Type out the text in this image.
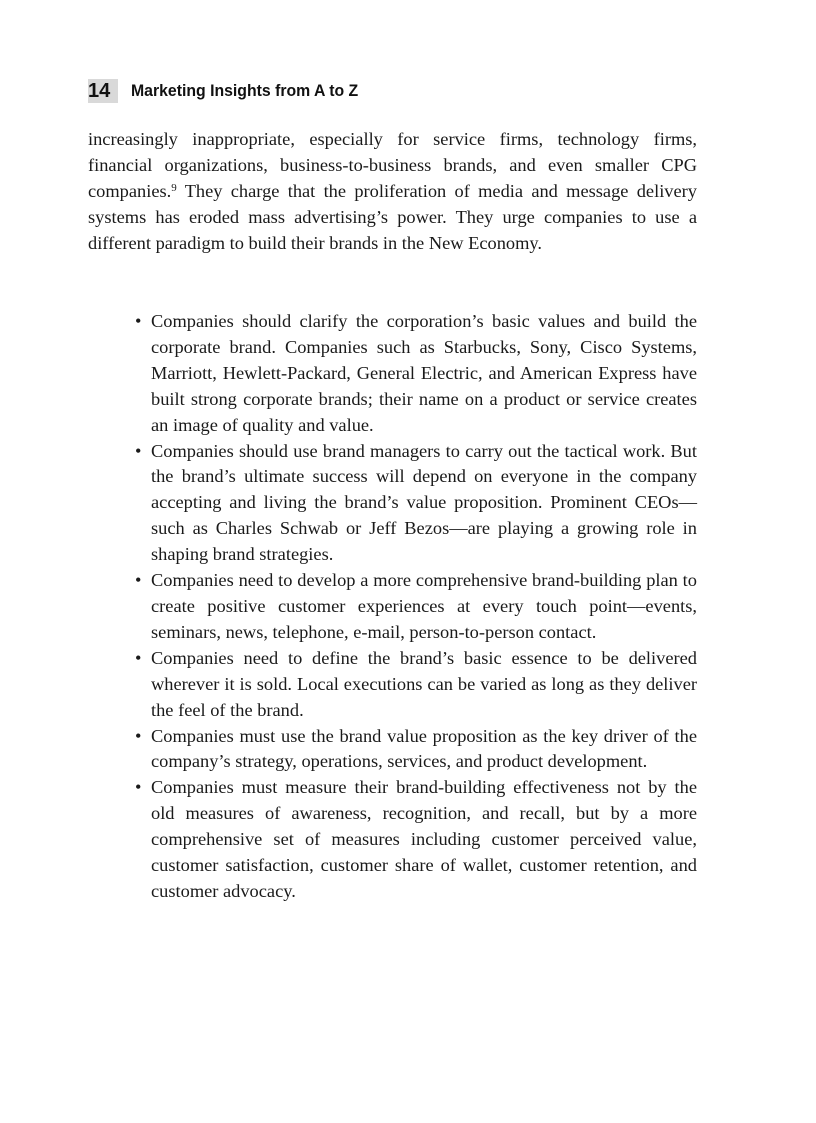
14	Marketing Insights from A to Z

increasingly inappropriate, especially for service firms, technology firms, financial organizations, business-to-business brands, and even smaller CPG companies.$^9$ They charge that the proliferation of media and message delivery systems has eroded mass advertising’s power. They urge companies to use a different paradigm to build their brands in the New Economy.

• Companies should clarify the corporation’s basic values and build the corporate brand. Companies such as Starbucks, Sony, Cisco Systems, Marriott, Hewlett-Packard, General Electric, and American Express have built strong corporate brands; their name on a product or service creates an image of quality and value.
• Companies should use brand managers to carry out the tactical work. But the brand’s ultimate success will depend on everyone in the company accepting and living the brand’s value proposition. Prominent CEOs—such as Charles Schwab or Jeff Bezos—are playing a growing role in shaping brand strategies.
• Companies need to develop a more comprehensive brand-building plan to create positive customer experiences at every touch point—events, seminars, news, telephone, e-mail, person-to-person contact.
• Companies need to define the brand’s basic essence to be delivered wherever it is sold. Local executions can be varied as long as they deliver the feel of the brand.
• Companies must use the brand value proposition as the key driver of the company’s strategy, operations, services, and product development.
• Companies must measure their brand-building effectiveness not by the old measures of awareness, recognition, and recall, but by a more comprehensive set of measures including customer perceived value, customer satisfaction, customer share of wallet, customer retention, and customer advocacy.
